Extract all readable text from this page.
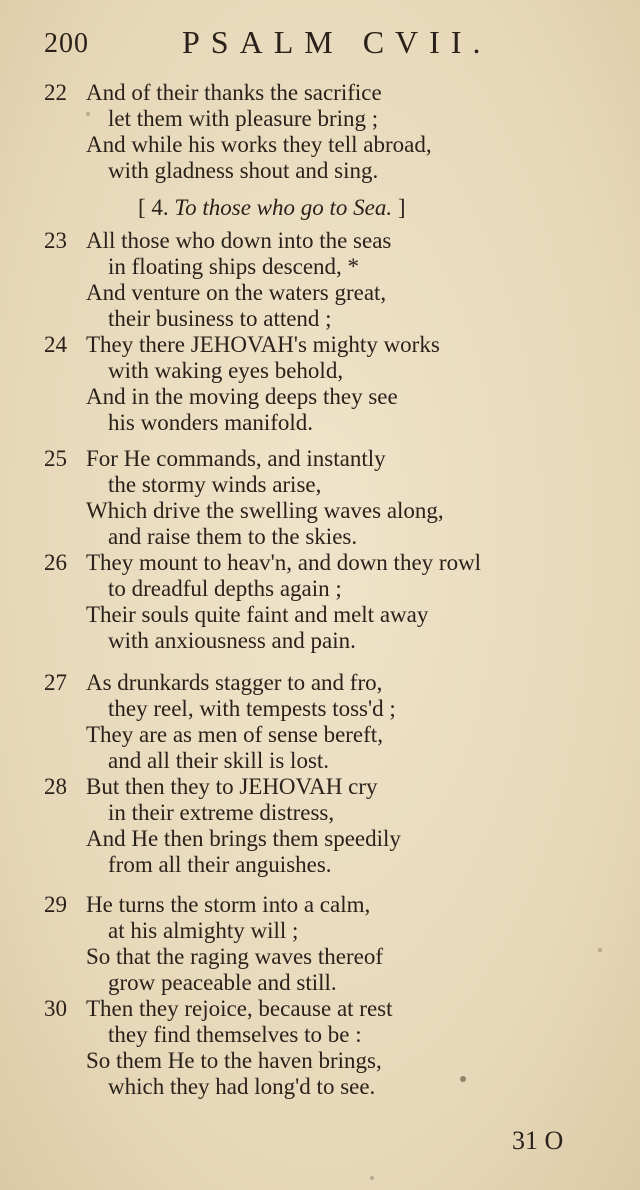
200	PSALM CVII.
22 And of their thanks the sacrifice
let them with pleasure bring ;
And while his works they tell abroad,
with gladness shout and sing.
[ 4. To those who go to Sea. ]
23 All those who down into the seas
in floating ships descend, *
And venture on the waters great,
their business to attend ;
24 They there JEHOVAH's mighty works
with waking eyes behold,
And in the moving deeps they see
his wonders manifold.
25 For He commands, and instantly
the stormy winds arise,
Which drive the swelling waves along,
and raise them to the skies.
26 They mount to heav'n, and down they rowl
to dreadful depths again ;
Their souls quite faint and melt away
with anxiousness and pain.
27 As drunkards stagger to and fro,
they reel, with tempests toss'd ;
They are as men of sense bereft,
and all their skill is lost.
28 But then they to JEHOVAH cry
in their extreme distress,
And He then brings them speedily
from all their anguishes.
29 He turns the storm into a calm,
at his almighty will ;
So that the raging waves thereof
grow peaceable and still.
30 Then they rejoice, because at rest
they find themselves to be :
So them He to the haven brings,
which they had long'd to see.
31 O
